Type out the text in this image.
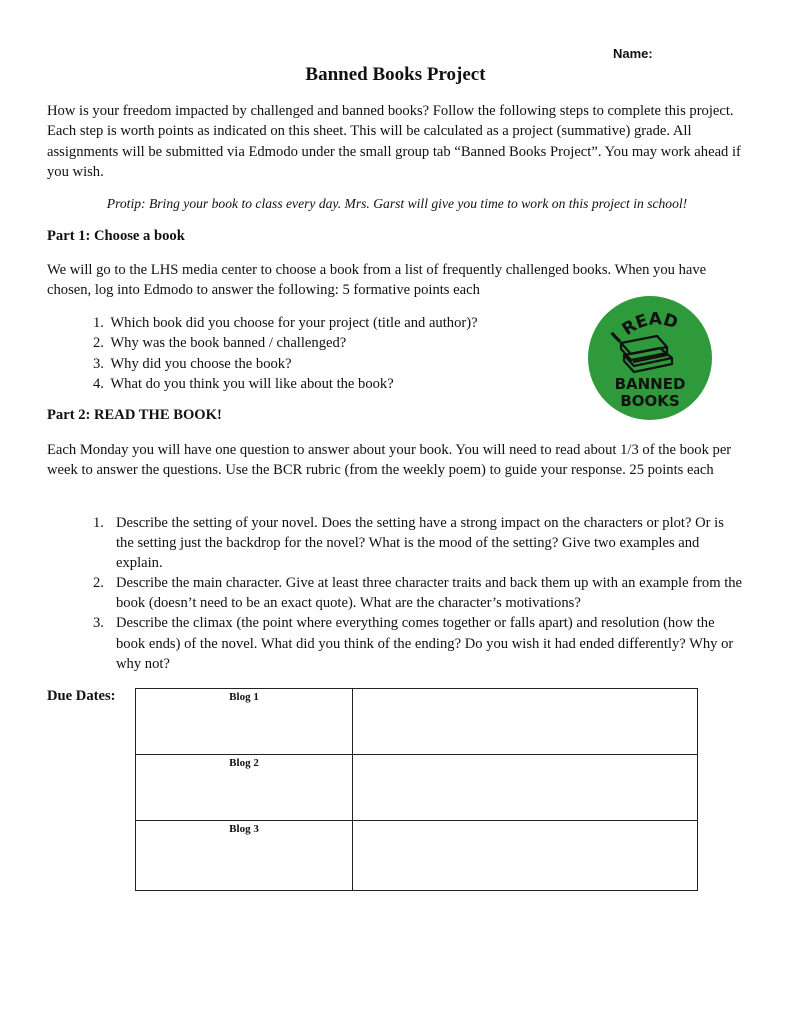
Name:
Banned Books Project
How is your freedom impacted by challenged and banned books? Follow the following steps to complete this project. Each step is worth points as indicated on this sheet. This will be calculated as a project (summative) grade. All assignments will be submitted via Edmodo under the small group tab “Banned Books Project”. You may work ahead if you wish.
Protip: Bring your book to class every day. Mrs. Garst will give you time to work on this project in school!
Part 1: Choose a book
We will go to the LHS media center to choose a book from a list of frequently challenged books. When you have chosen, log into Edmodo to answer the following: 5 formative points each
1. Which book did you choose for your project (title and author)?
2. Why was the book banned / challenged?
3. Why did you choose the book?
4. What do you think you will like about the book?
I READ
BANNED
BOOKS
Part 2: READ THE BOOK!
Each Monday you will have one question to answer about your book. You will need to read about 1/3 of the book per week to answer the questions. Use the BCR rubric (from the weekly poem) to guide your response. 25 points each
1. Describe the setting of your novel. Does the setting have a strong impact on the characters or plot? Or is the setting just the backdrop for the novel? What is the mood of the setting? Give two examples and explain.
2. Describe the main character. Give at least three character traits and back them up with an example from the book (doesn’t need to be an exact quote). What are the character’s motivations?
3. Describe the climax (the point where everything comes together or falls apart) and resolution (how the book ends) of the novel. What did you think of the ending? Do you wish it had ended differently? Why or why not?
Due Dates:	Blog 1	
Blog 2	
Blog 3	
